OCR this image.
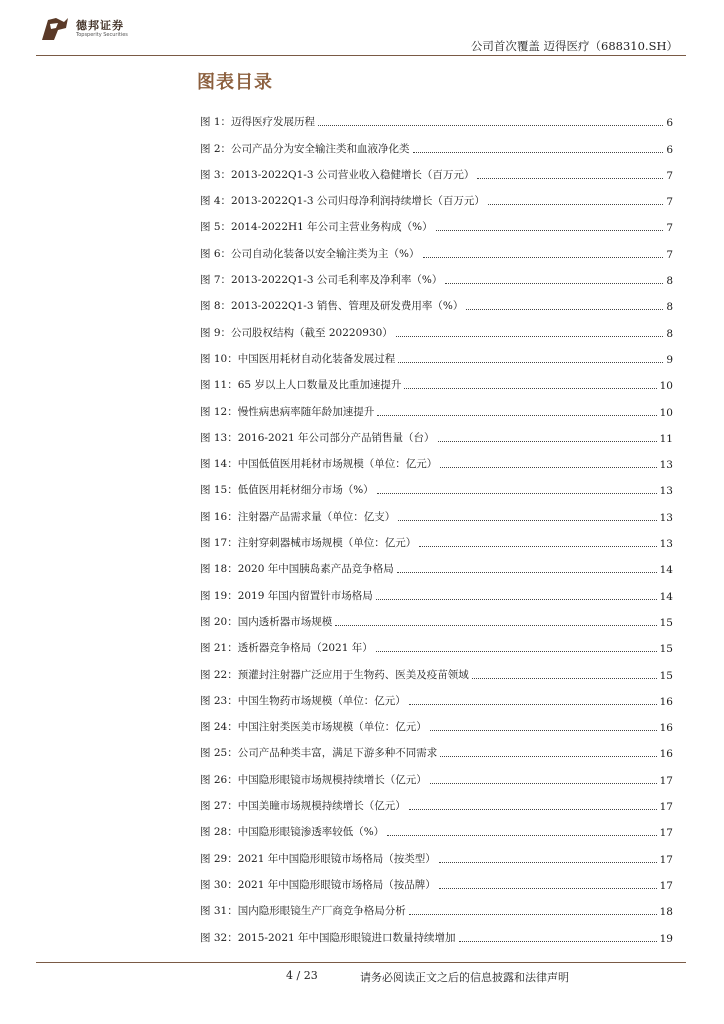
德邦证券
Topsperity Securities
公司首次覆盖 迈得医疗（688310.SH）
图表目录
图 1：迈得医疗发展历程	6
图 2：公司产品分为安全输注类和血液净化类	6
图 3：2013-2022Q1-3 公司营业收入稳健增长（百万元）	7
图 4：2013-2022Q1-3 公司归母净利润持续增长（百万元）	7
图 5：2014-2022H1 年公司主营业务构成（%）	7
图 6：公司自动化装备以安全输注类为主（%）	7
图 7：2013-2022Q1-3 公司毛利率及净利率（%）	8
图 8：2013-2022Q1-3 销售、管理及研发费用率（%）	8
图 9：公司股权结构（截至 20220930）	8
图 10：中国医用耗材自动化装备发展过程	9
图 11：65 岁以上人口数量及比重加速提升	10
图 12：慢性病患病率随年龄加速提升	10
图 13：2016-2021 年公司部分产品销售量（台）	11
图 14：中国低值医用耗材市场规模（单位：亿元）	13
图 15：低值医用耗材细分市场（%）	13
图 16：注射器产品需求量（单位：亿支）	13
图 17：注射穿刺器械市场规模（单位：亿元）	13
图 18：2020 年中国胰岛素产品竞争格局	14
图 19：2019 年国内留置针市场格局	14
图 20：国内透析器市场规模	15
图 21：透析器竞争格局（2021 年）	15
图 22：预灌封注射器广泛应用于生物药、医美及疫苗领域	15
图 23：中国生物药市场规模（单位：亿元）	16
图 24：中国注射类医美市场规模（单位：亿元）	16
图 25：公司产品种类丰富，满足下游多种不同需求	16
图 26：中国隐形眼镜市场规模持续增长（亿元）	17
图 27：中国美瞳市场规模持续增长（亿元）	17
图 28：中国隐形眼镜渗透率较低（%）	17
图 29：2021 年中国隐形眼镜市场格局（按类型）	17
图 30：2021 年中国隐形眼镜市场格局（按品牌）	17
图 31：国内隐形眼镜生产厂商竞争格局分析	18
图 32：2015-2021 年中国隐形眼镜进口数量持续增加	19
4 / 23	请务必阅读正文之后的信息披露和法律声明
